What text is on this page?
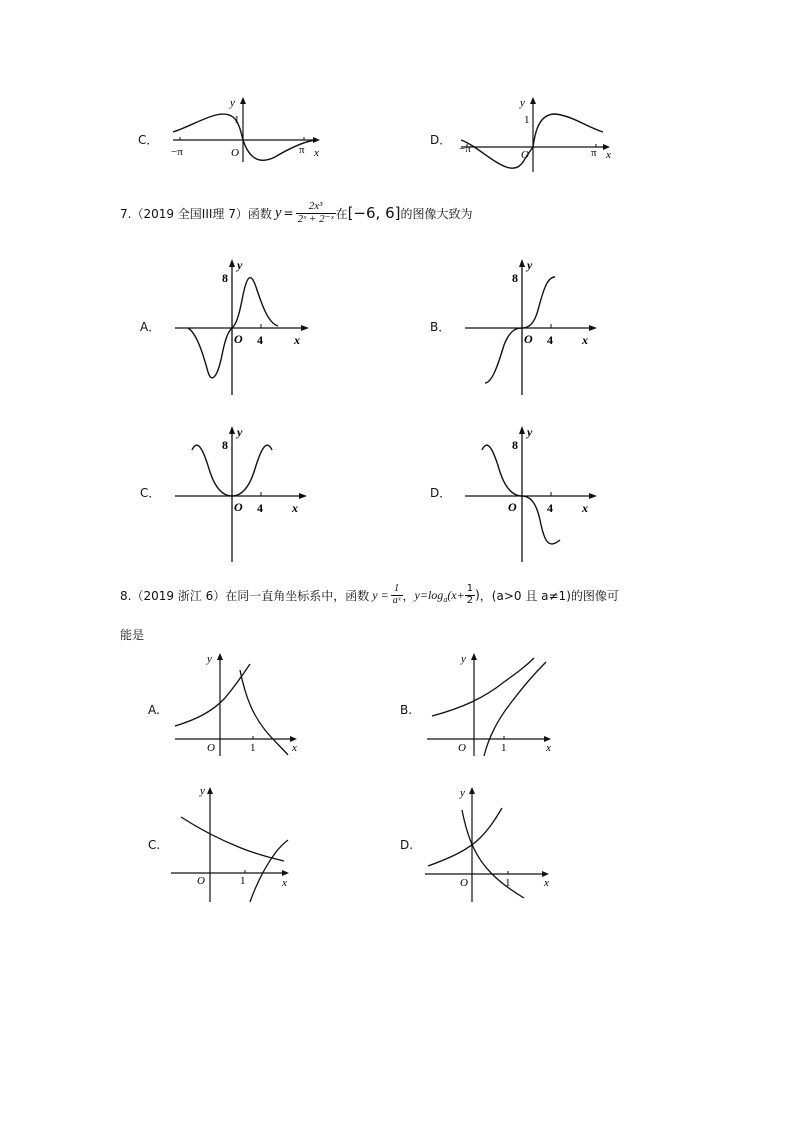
C．
y
1
O
−π	π x
D．
y
1
O
−π	π x
7.（2019 全国III理 7）函数 $y = \frac{\text{2x³}}{\text{2ˣ + 2⁻ˣ}}$ 在 [−6, 6] 的图像大致为
A．
y
8
O 4	x
B．
y
8
O 4 x
C．
y
8
O 4 x
D．
y
8
O	4 x
8.（2019 浙江 6）在同一直角坐标系中，函数 $y = \frac{1}{\text{aˣ}}$ ， y=log a ($x+ \frac{1}{2}$ ) ，(a>0 且 a≠1)的图像可
能是
A.
y
O	1	x
B.
y
O	1	x
C.
y
O	1	x
D.
y
O	1	x
